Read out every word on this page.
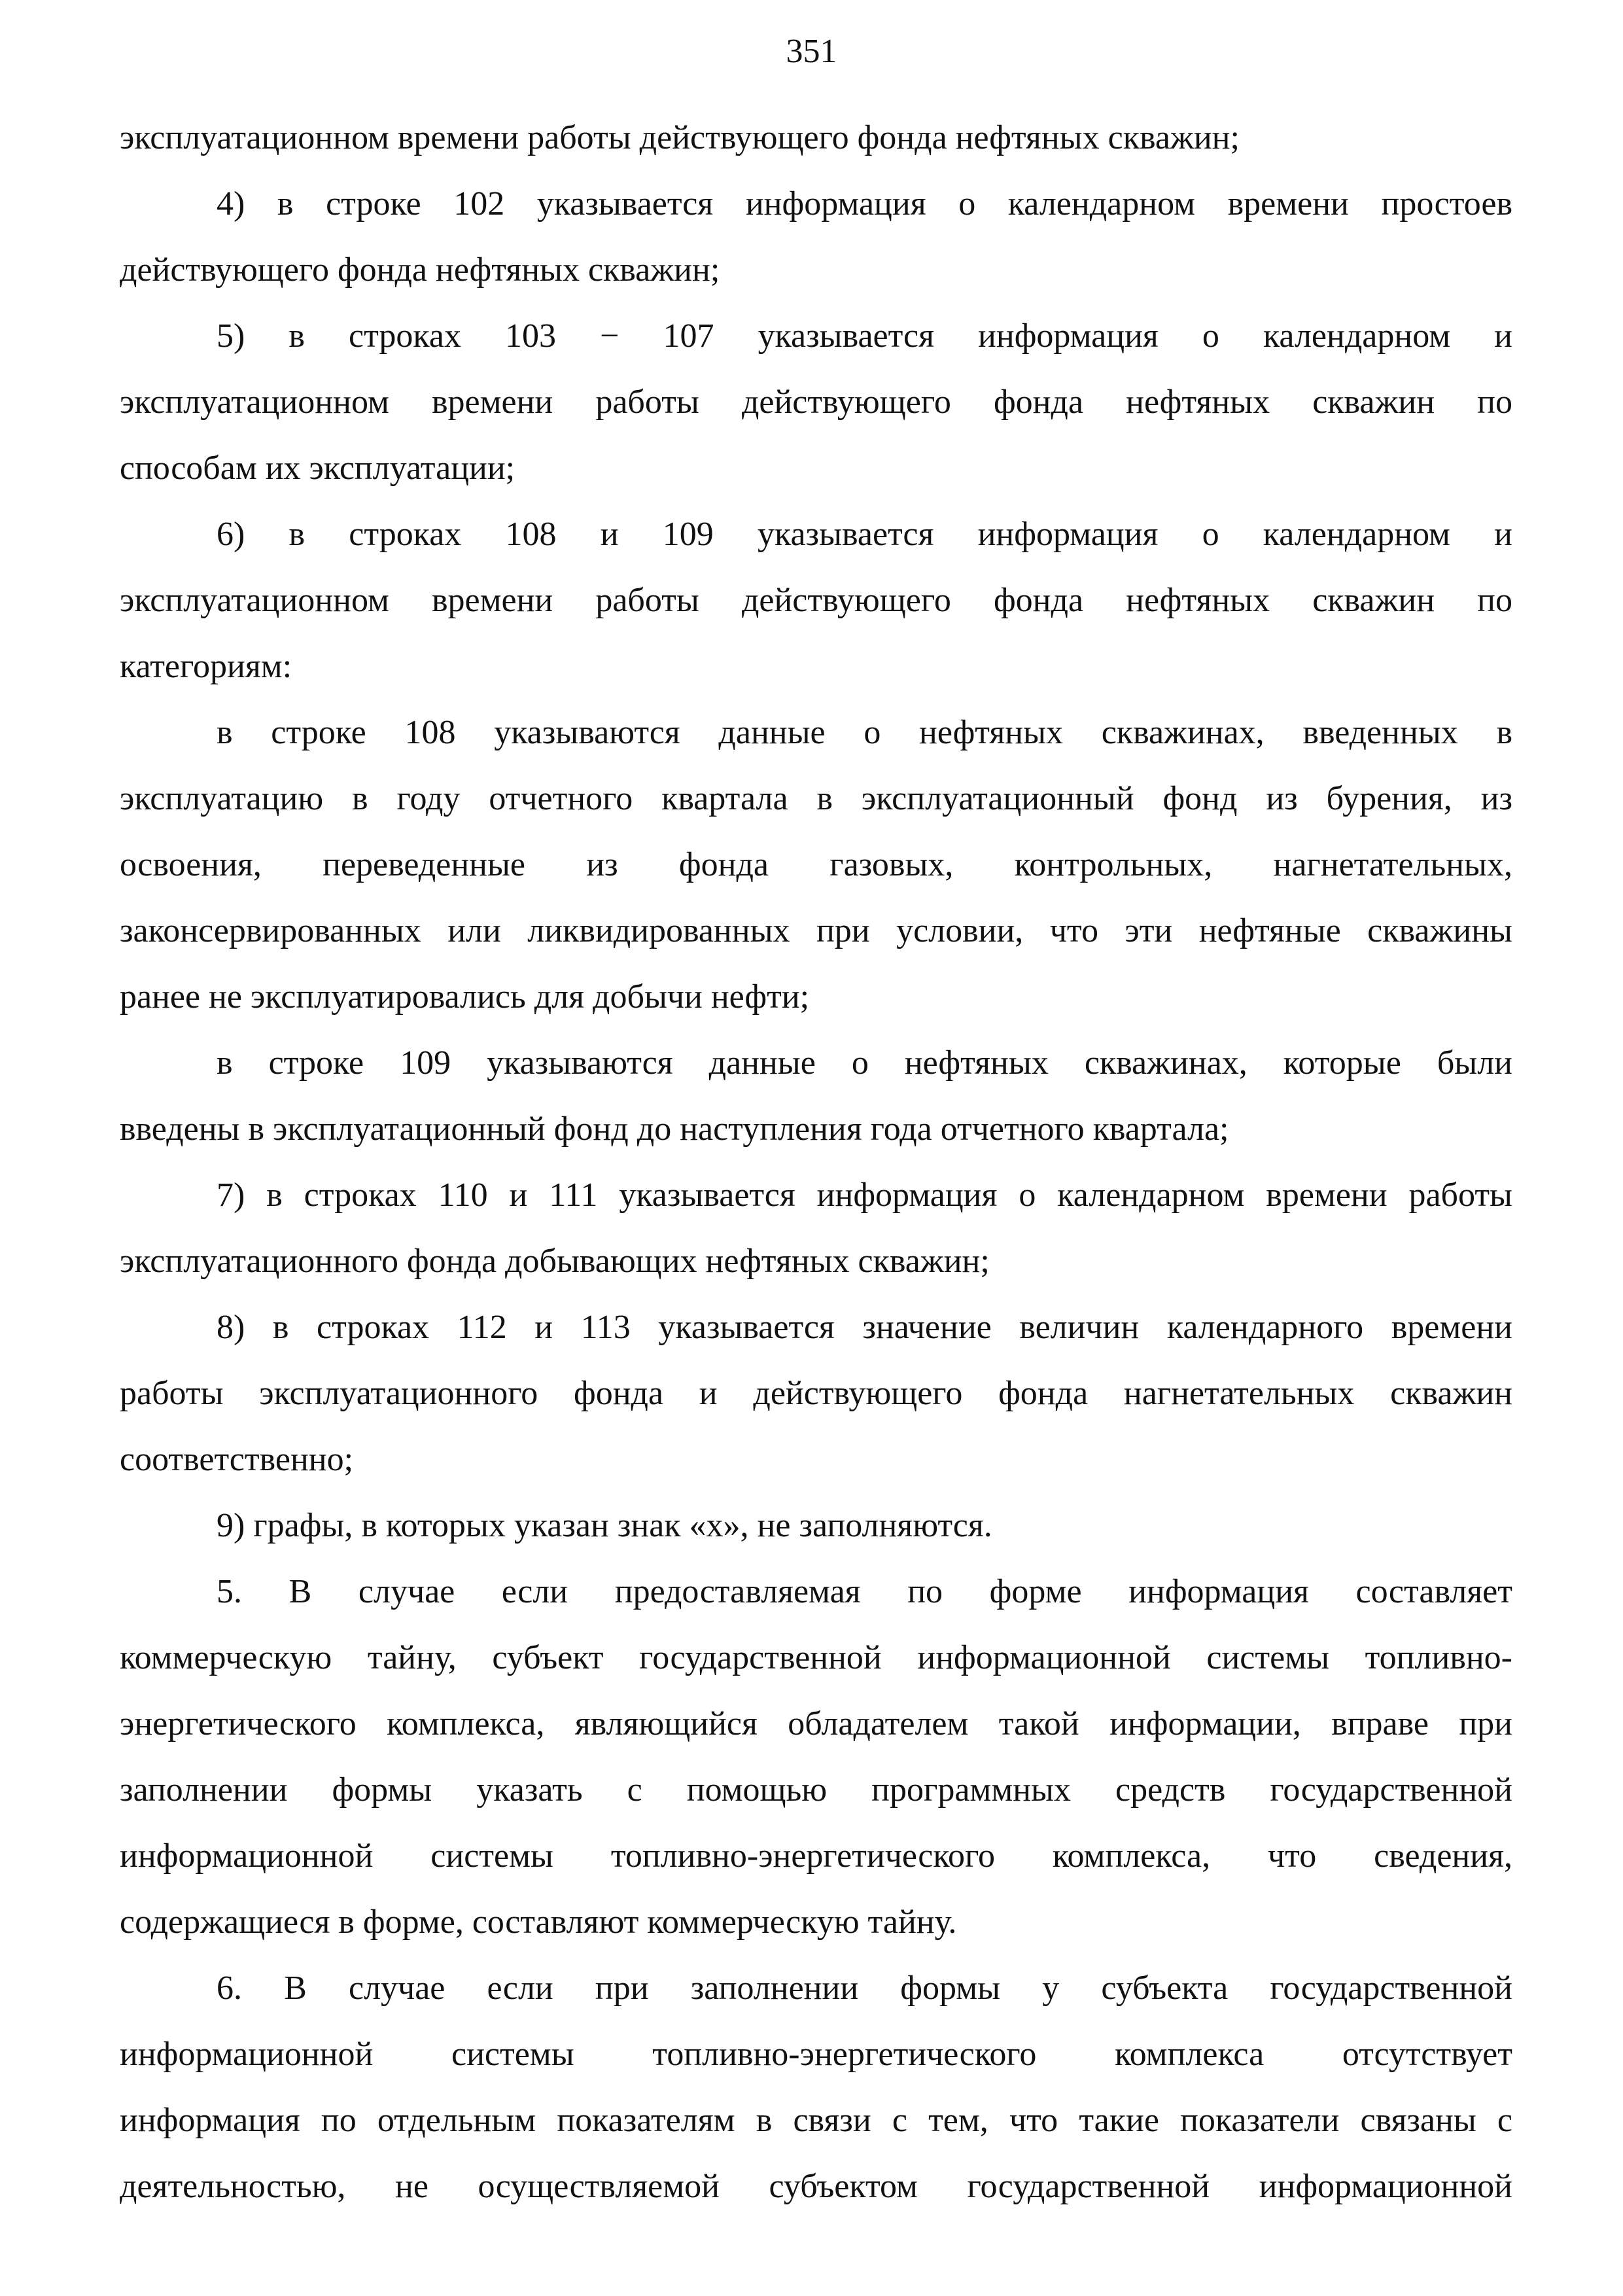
351
эксплуатационном времени работы действующего фонда нефтяных скважин;
4) в строке 102 указывается информация о календарном времени простоев
действующего фонда нефтяных скважин;
5) в строках 103 − 107 указывается информация о календарном и
эксплуатационном времени работы действующего фонда нефтяных скважин по
способам их эксплуатации;
6) в строках 108 и 109 указывается информация о календарном и
эксплуатационном времени работы действующего фонда нефтяных скважин по
категориям:
в строке 108 указываются данные о нефтяных скважинах, введенных в
эксплуатацию в году отчетного квартала в эксплуатационный фонд из бурения, из
освоения, переведенные из фонда газовых, контрольных, нагнетательных,
законсервированных или ликвидированных при условии, что эти нефтяные скважины
ранее не эксплуатировались для добычи нефти;
в строке 109 указываются данные о нефтяных скважинах, которые были
введены в эксплуатационный фонд до наступления года отчетного квартала;
7) в строках 110 и 111 указывается информация о календарном времени работы
эксплуатационного фонда добывающих нефтяных скважин;
8) в строках 112 и 113 указывается значение величин календарного времени
работы эксплуатационного фонда и действующего фонда нагнетательных скважин
соответственно;
9) графы, в которых указан знак «х», не заполняются.
5. В случае если предоставляемая по форме информация составляет
коммерческую тайну, субъект государственной информационной системы топливно-
энергетического комплекса, являющийся обладателем такой информации, вправе при
заполнении формы указать с помощью программных средств государственной
информационной системы топливно-энергетического комплекса, что сведения,
содержащиеся в форме, составляют коммерческую тайну.
6. В случае если при заполнении формы у субъекта государственной
информационной системы топливно-энергетического комплекса отсутствует
информация по отдельным показателям в связи с тем, что такие показатели связаны с
деятельностью, не осуществляемой субъектом государственной информационной
